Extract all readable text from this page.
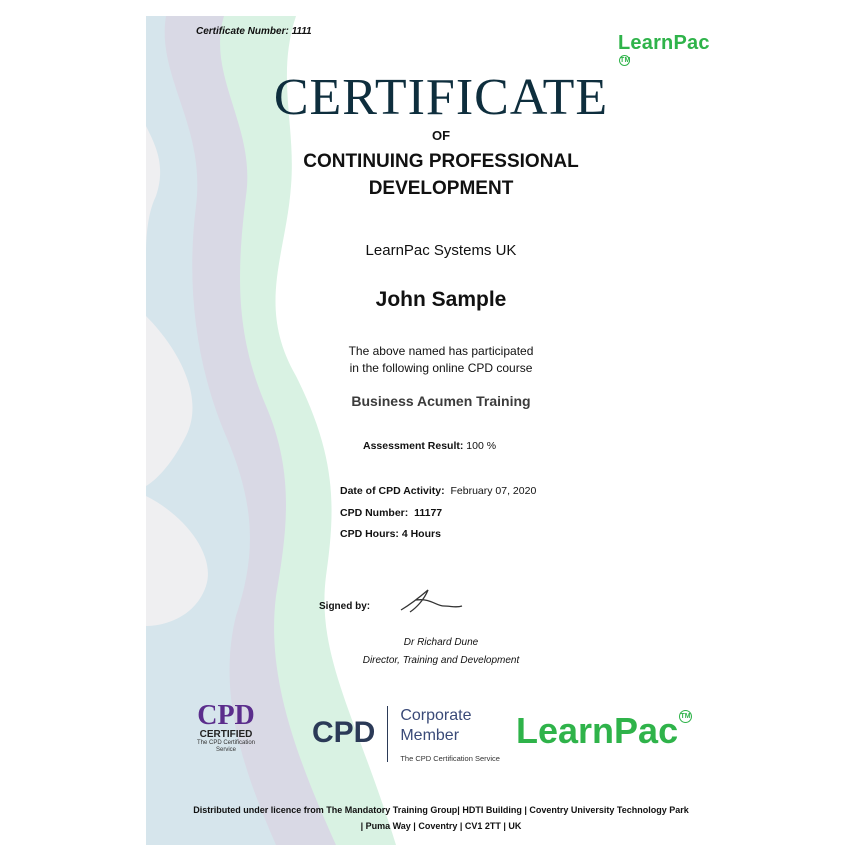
Certificate Number: 1111
LearnPacTM
CERTIFICATE
OF
CONTINUING PROFESSIONAL
DEVELOPMENT
LearnPac Systems UK
John Sample
The above named has participated
in the following online CPD course
Business Acumen Training
Assessment Result: 100 %
Date of CPD Activity: February 07, 2020
CPD Number: 11177
CPD Hours: 4 Hours
Signed by:
Dr Richard Dune
Director, Training and Development
CPD
CERTIFIED
The CPD Certification
Service
CPD
Corporate
Member
The CPD Certification Service
LearnPac TM
Distributed under licence from The Mandatory Training Group| HDTI Building | Coventry University Technology Park
| Puma Way | Coventry | CV1 2TT | UK
